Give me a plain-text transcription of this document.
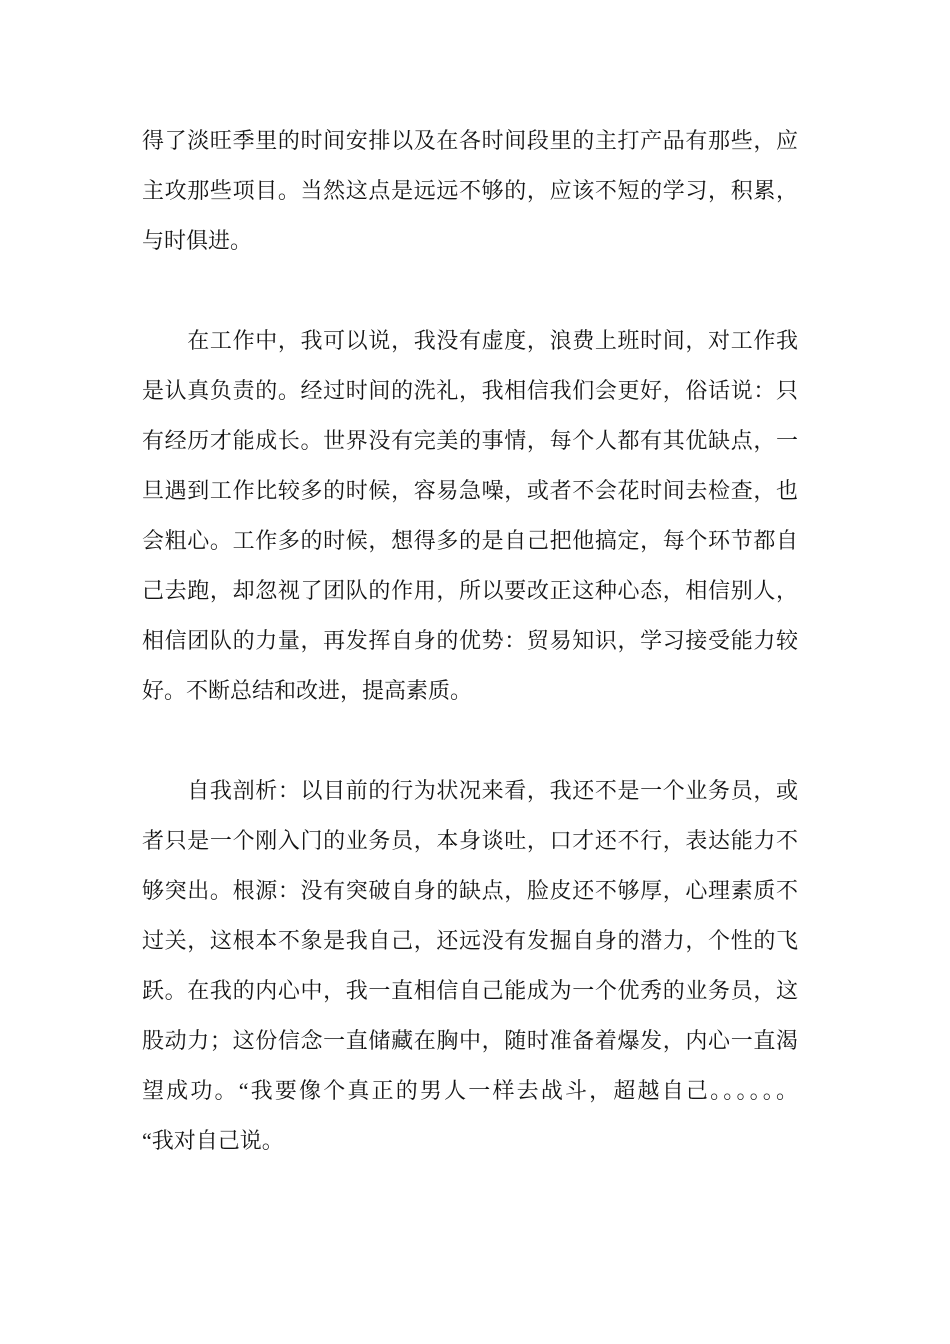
得了淡旺季里的时间安排以及在各时间段里的主打产品有那些，应
主攻那些项目。当然这点是远远不够的，应该不短的学习，积累，
与时俱进。
　　在工作中，我可以说，我没有虚度，浪费上班时间，对工作我
是认真负责的。经过时间的洗礼，我相信我们会更好，俗话说：只
有经历才能成长。世界没有完美的事情，每个人都有其优缺点，一
旦遇到工作比较多的时候，容易急噪，或者不会花时间去检查，也
会粗心。工作多的时候，想得多的是自己把他搞定，每个环节都自
己去跑，却忽视了团队的作用，所以要改正这种心态，相信别人，
相信团队的力量，再发挥自身的优势：贸易知识，学习接受能力较
好。不断总结和改进，提高素质。
　　自我剖析：以目前的行为状况来看，我还不是一个业务员，或
者只是一个刚入门的业务员，本身谈吐，口才还不行，表达能力不
够突出。根源：没有突破自身的缺点，脸皮还不够厚，心理素质不
过关，这根本不象是我自己，还远没有发掘自身的潜力，个性的飞
跃。在我的内心中，我一直相信自己能成为一个优秀的业务员，这
股动力；这份信念一直储藏在胸中，随时准备着爆发，内心一直渴
望成功。“我要像个真正的男人一样去战斗，超越自己。。。。。。
“我对自己说。
